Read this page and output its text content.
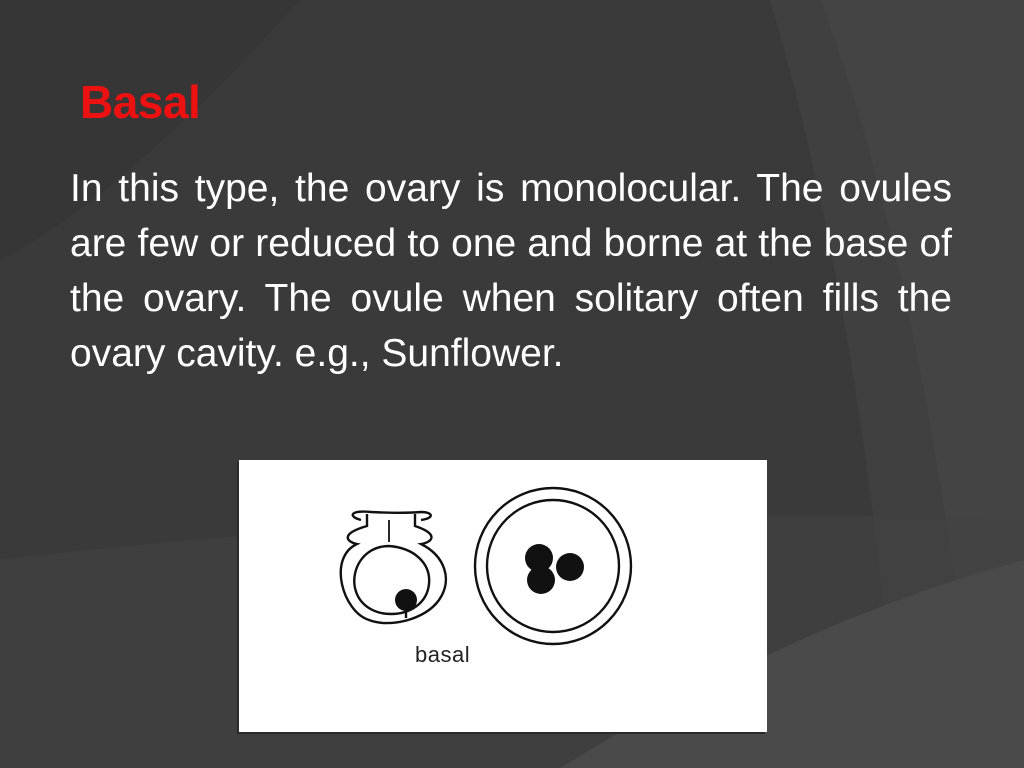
Basal

In this type, the ovary is monolocular. The ovules are few or reduced to one and borne at the base of the ovary. The ovule when solitary often fills the ovary cavity. e.g., Sunflower.

basal
